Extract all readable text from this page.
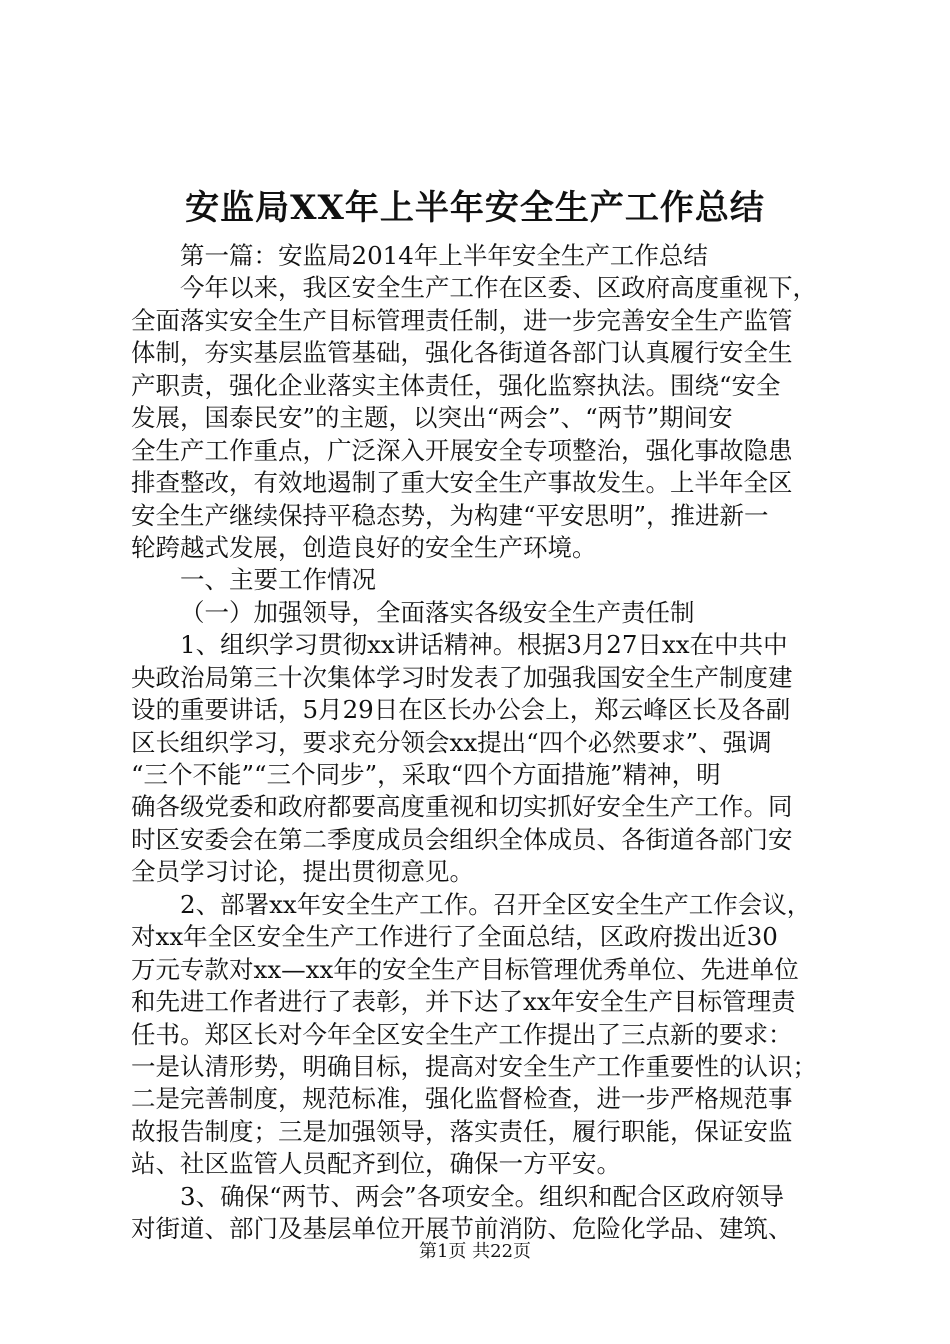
安监局XX年上半年安全生产工作总结
第一篇：安监局2014年上半年安全生产工作总结
今年以来，我区安全生产工作在区委、区政府高度重视下，
全面落实安全生产目标管理责任制，进一步完善安全生产监管
体制，夯实基层监管基础，强化各街道各部门认真履行安全生
产职责，强化企业落实主体责任，强化监察执法。围绕“安全
发展，国泰民安”的主题，以突出“两会”、“两节”期间安
全生产工作重点，广泛深入开展安全专项整治，强化事故隐患
排查整改，有效地遏制了重大安全生产事故发生。上半年全区
安全生产继续保持平稳态势，为构建“平安思明”，推进新一
轮跨越式发展，创造良好的安全生产环境。
一、主要工作情况
（一）加强领导，全面落实各级安全生产责任制
1、组织学习贯彻xx讲话精神。根据3月27日xx在中共中
央政治局第三十次集体学习时发表了加强我国安全生产制度建
设的重要讲话，5月29日在区长办公会上，郑云峰区长及各副
区长组织学习，要求充分领会xx提出“四个必然要求”、强调
“三个不能”“三个同步”，采取“四个方面措施”精神，明
确各级党委和政府都要高度重视和切实抓好安全生产工作。同
时区安委会在第二季度成员会组织全体成员、各街道各部门安
全员学习讨论，提出贯彻意见。
2、部署xx年安全生产工作。召开全区安全生产工作会议，
对xx年全区安全生产工作进行了全面总结，区政府拨出近30
万元专款对xx—xx年的安全生产目标管理优秀单位、先进单位
和先进工作者进行了表彰，并下达了xx年安全生产目标管理责
任书。郑区长对今年全区安全生产工作提出了三点新的要求：
一是认清形势，明确目标，提高对安全生产工作重要性的认识；
二是完善制度，规范标准，强化监督检查，进一步严格规范事
故报告制度；三是加强领导，落实责任，履行职能，保证安监
站、社区监管人员配齐到位，确保一方平安。
3、确保“两节、两会”各项安全。组织和配合区政府领导
对街道、部门及基层单位开展节前消防、危险化学品、建筑、
第1页 共22页
